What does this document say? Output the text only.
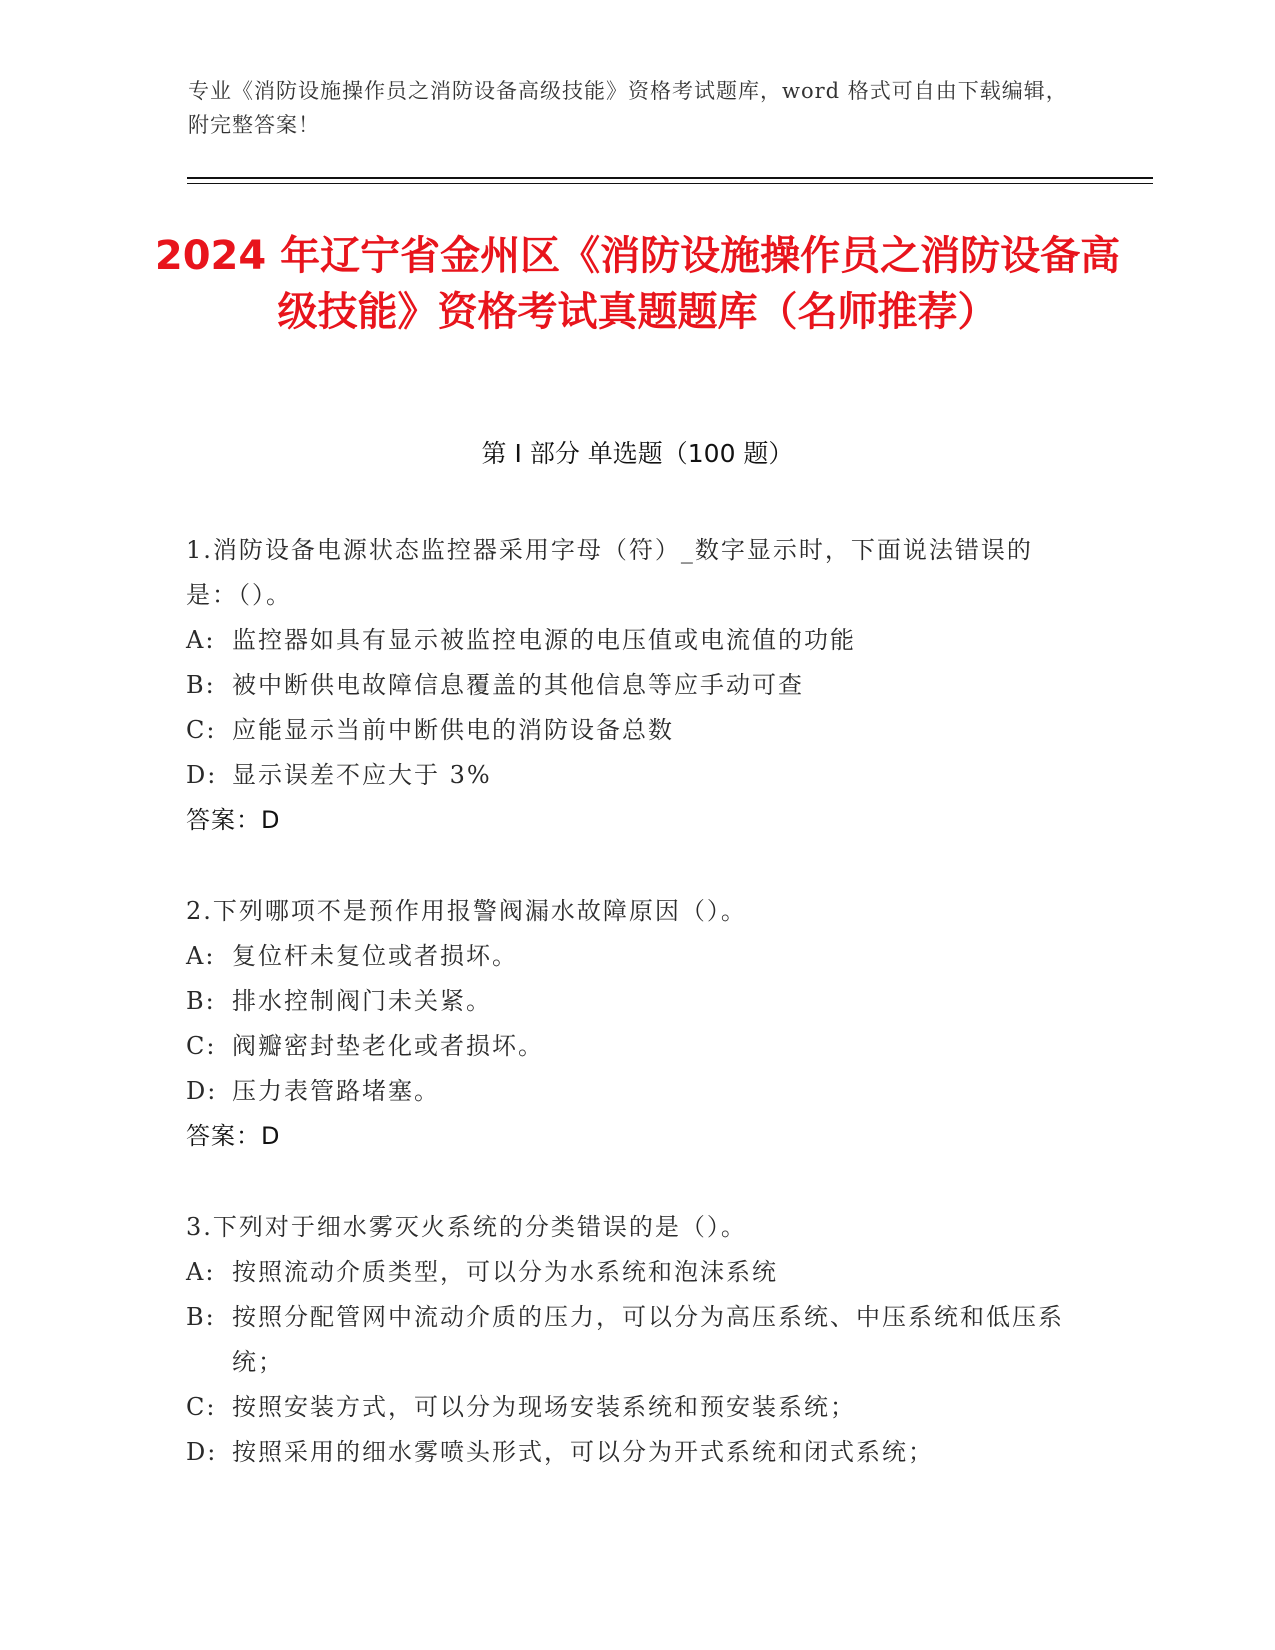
专业《消防设施操作员之消防设备高级技能》资格考试题库，word 格式可自由下载编辑，附完整答案！
2024 年辽宁省金州区《消防设施操作员之消防设备高级技能》资格考试真题题库（名师推荐）
第 I 部分 单选题（100 题）
1.消防设备电源状态监控器采用字母（符）_数字显示时，下面说法错误的是：（）。
A: 监控器如具有显示被监控电源的电压值或电流值的功能
B: 被中断供电故障信息覆盖的其他信息等应手动可查
C: 应能显示当前中断供电的消防设备总数
D: 显示误差不应大于 3%
答案：D
2.下列哪项不是预作用报警阀漏水故障原因（）。
A: 复位杆未复位或者损坏。
B: 排水控制阀门未关紧。
C: 阀瓣密封垫老化或者损坏。
D: 压力表管路堵塞。
答案：D
3.下列对于细水雾灭火系统的分类错误的是（）。
A: 按照流动介质类型，可以分为水系统和泡沫系统
B: 按照分配管网中流动介质的压力，可以分为高压系统、中压系统和低压系统；
C: 按照安装方式，可以分为现场安装系统和预安装系统；
D: 按照采用的细水雾喷头形式，可以分为开式系统和闭式系统；
